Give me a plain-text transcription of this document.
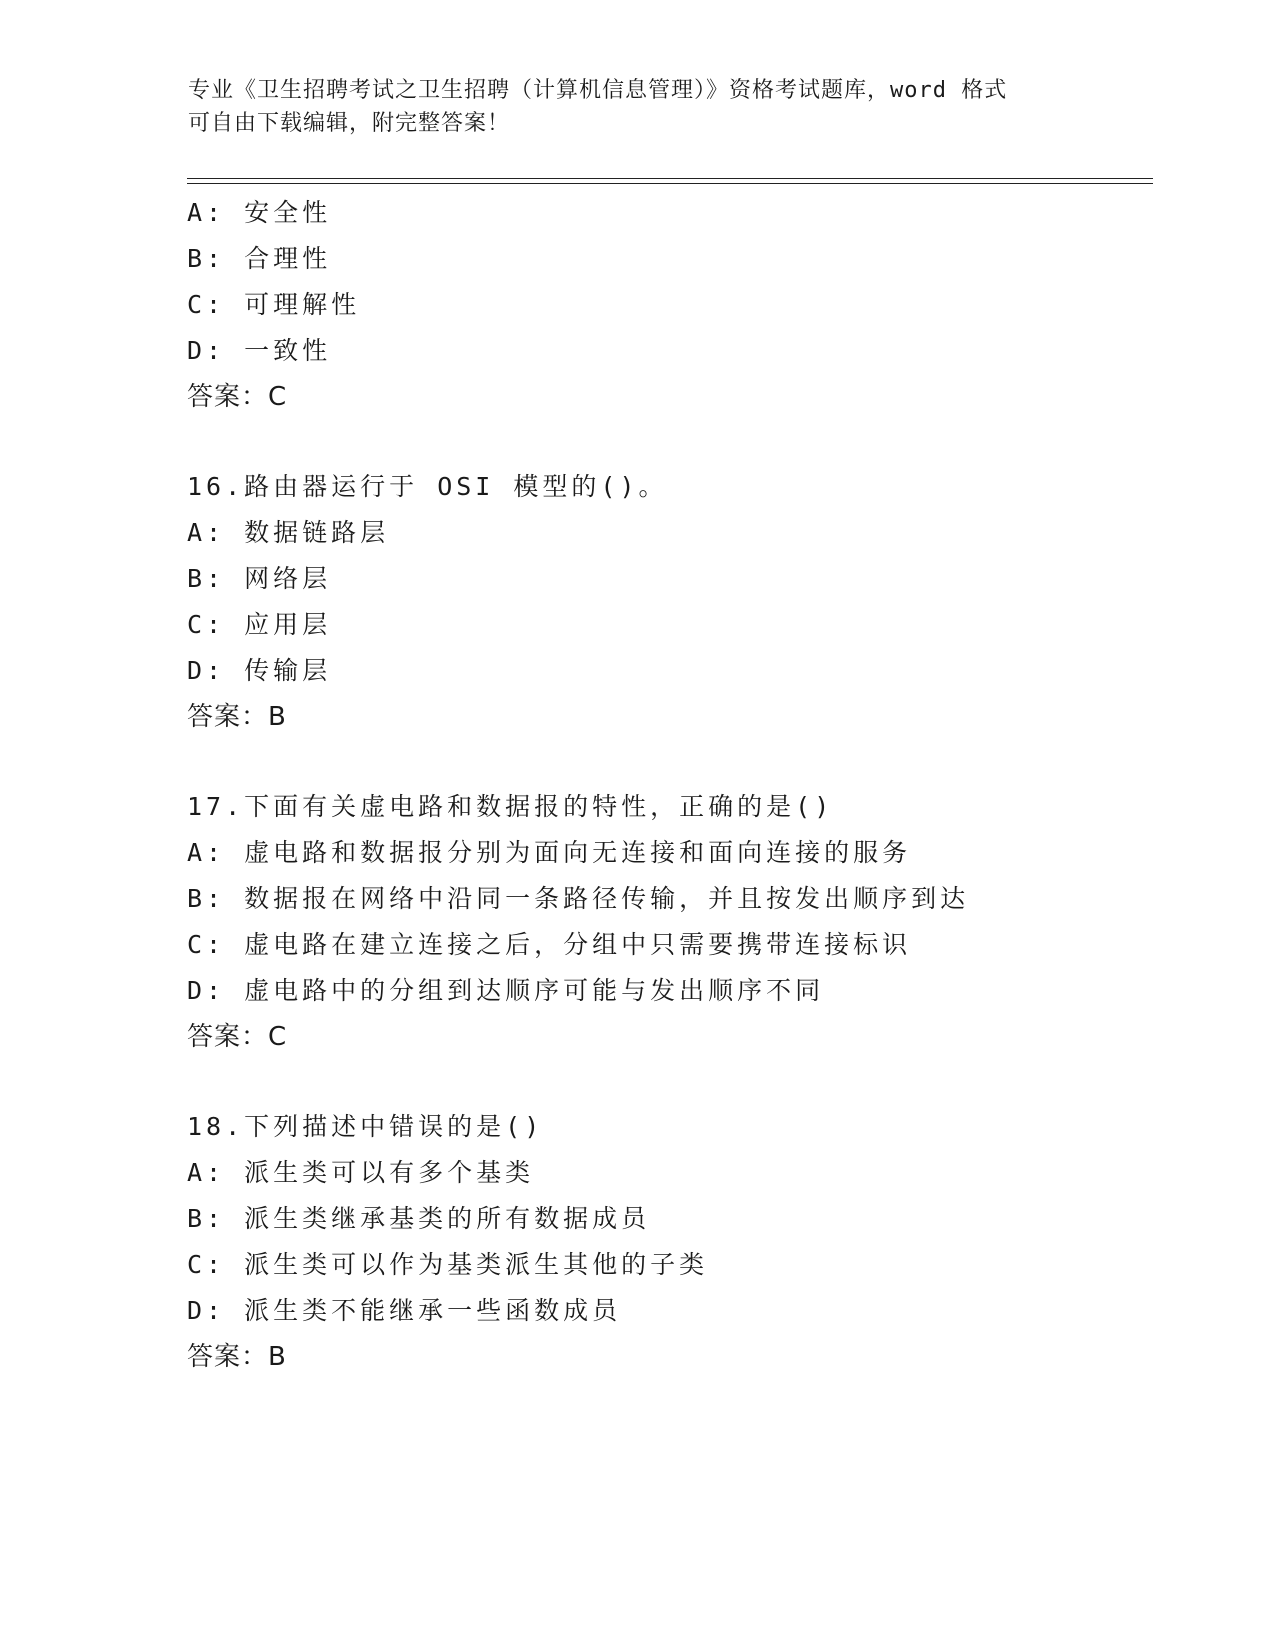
专业《卫生招聘考试之卫生招聘（计算机信息管理）》资格考试题库，word 格式
可自由下载编辑，附完整答案！
A: 安全性
B: 合理性
C: 可理解性
D: 一致性
答案：C
16.路由器运行于 OSI 模型的()。
A: 数据链路层
B: 网络层
C: 应用层
D: 传输层
答案：B
17.下面有关虚电路和数据报的特性，正确的是()
A: 虚电路和数据报分别为面向无连接和面向连接的服务
B: 数据报在网络中沿同一条路径传输，并且按发出顺序到达
C: 虚电路在建立连接之后，分组中只需要携带连接标识
D: 虚电路中的分组到达顺序可能与发出顺序不同
答案：C
18.下列描述中错误的是()
A: 派生类可以有多个基类
B: 派生类继承基类的所有数据成员
C: 派生类可以作为基类派生其他的子类
D: 派生类不能继承一些函数成员
答案：B
